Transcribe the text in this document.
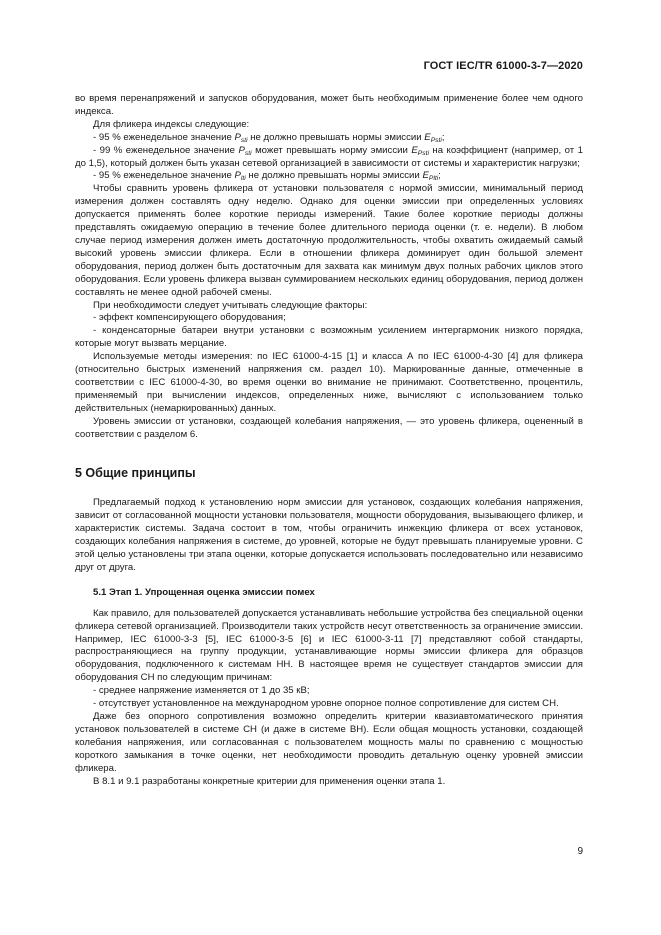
ГОСТ IEC/TR 61000-3-7—2020

во время перенапряжений и запусков оборудования, может быть необходимым применение более чем одного индекса.

Для фликера индексы следующие:

- 95 % еженедельное значение $P_{sti}$ не должно превышать нормы эмиссии $E_{Psti}$;

- 99 % еженедельное значение $P_{sti}$ может превышать норму эмиссии $E_{Psti}$ на коэффициент (например, от 1 до 1,5), который должен быть указан сетевой организацией в зависимости от системы и характеристик нагрузки;

- 95 % еженедельное значение $P_{lti}$ не должно превышать нормы эмиссии $E_{Plti}$;

Чтобы сравнить уровень фликера от установки пользователя с нормой эмиссии, минимальный период измерения должен составлять одну неделю. Однако для оценки эмиссии при определенных условиях допускается применять более короткие периоды измерений. Такие более короткие периоды должны представлять ожидаемую операцию в течение более длительного периода оценки (т. е. недели). В любом случае период измерения должен иметь достаточную продолжительность, чтобы охватить ожидаемый самый высокий уровень эмиссии фликера. Если в отношении фликера доминирует один большой элемент оборудования, период должен быть достаточным для захвата как минимум двух полных рабочих циклов этого оборудования. Если уровень фликера вызван суммированием нескольких единиц оборудования, период должен составлять не менее одной рабочей смены.

При необходимости следует учитывать следующие факторы:

- эффект компенсирующего оборудования;

- конденсаторные батареи внутри установки с возможным усилением интергармоник низкого порядка, которые могут вызвать мерцание.

Используемые методы измерения: по IEC 61000-4-15 [1] и класса А по IEC 61000-4-30 [4] для фликера (относительно быстрых изменений напряжения см. раздел 10). Маркированные данные, отмеченные в соответствии с IEC 61000-4-30, во время оценки во внимание не принимают. Соответственно, процентиль, применяемый при вычислении индексов, определенных ниже, вычисляют с использованием только действительных (немаркированных) данных.

Уровень эмиссии от установки, создающей колебания напряжения, — это уровень фликера, оцененный в соответствии с разделом 6.

5 Общие принципы

Предлагаемый подход к установлению норм эмиссии для установок, создающих колебания напряжения, зависит от согласованной мощности установки пользователя, мощности оборудования, вызывающего фликер, и характеристик системы. Задача состоит в том, чтобы ограничить инжекцию фликера от всех установок, создающих колебания напряжения в системе, до уровней, которые не будут превышать планируемые уровни. С этой целью установлены три этапа оценки, которые допускается использовать последовательно или независимо друг от друга.

5.1 Этап 1. Упрощенная оценка эмиссии помех

Как правило, для пользователей допускается устанавливать небольшие устройства без специальной оценки фликера сетевой организацией. Производители таких устройств несут ответственность за ограничение эмиссии. Например, IEC 61000-3-3 [5], IEC 61000-3-5 [6] и IEC 61000-3-11 [7] представляют собой стандарты, распространяющиеся на группу продукции, устанавливающие нормы эмиссии фликера для образцов оборудования, подключенного к системам НН. В настоящее время не существует стандартов эмиссии для оборудования СН по следующим причинам:

- среднее напряжение изменяется от 1 до 35 кВ;

- отсутствует установленное на международном уровне опорное полное сопротивление для систем СН.

Даже без опорного сопротивления возможно определить критерии квазиавтоматического принятия установок пользователей в системе СН (и даже в системе ВН). Если общая мощность установки, создающей колебания напряжения, или согласованная с пользователем мощность малы по сравнению с мощностью короткого замыкания в точке оценки, нет необходимости проводить детальную оценку уровней эмиссии фликера.

В 8.1 и 9.1 разработаны конкретные критерии для применения оценки этапа 1.

9
